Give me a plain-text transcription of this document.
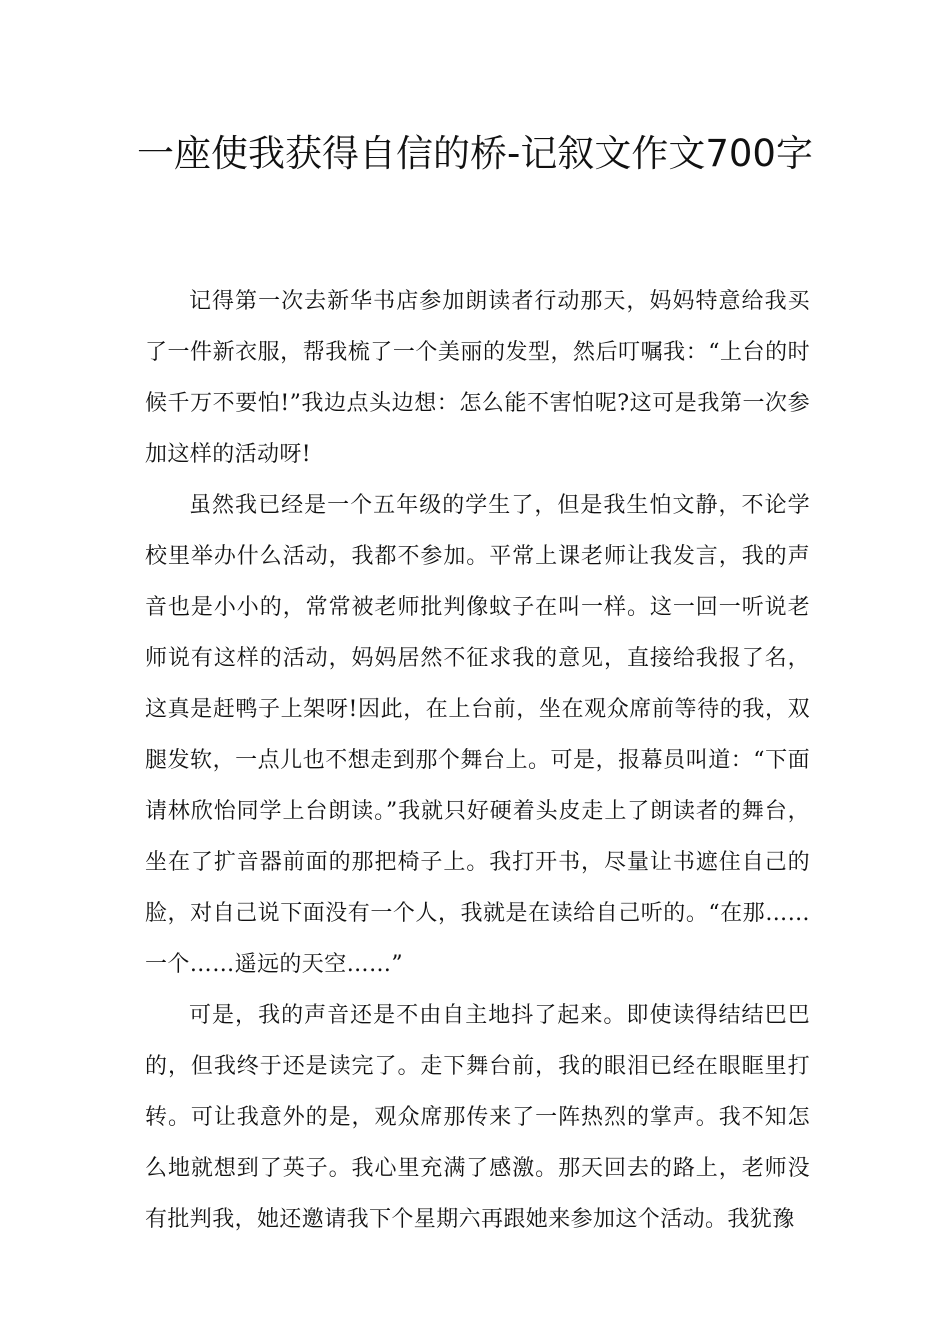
一座使我获得自信的桥-记叙文作文700字

记得第一次去新华书店参加朗读者行动那天，妈妈特意给我买了一件新衣服，帮我梳了一个美丽的发型，然后叮嘱我：“上台的时候千万不要怕!”我边点头边想：怎么能不害怕呢?这可是我第一次参加这样的活动呀!

虽然我已经是一个五年级的学生了，但是我生怕文静，不论学校里举办什么活动，我都不参加。平常上课老师让我发言，我的声音也是小小的，常常被老师批判像蚊子在叫一样。这一回一听说老师说有这样的活动，妈妈居然不征求我的意见，直接给我报了名，这真是赶鸭子上架呀!因此，在上台前，坐在观众席前等待的我，双腿发软，一点儿也不想走到那个舞台上。可是，报幕员叫道：“下面请林欣怡同学上台朗读。”我就只好硬着头皮走上了朗读者的舞台，坐在了扩音器前面的那把椅子上。我打开书，尽量让书遮住自己的脸，对自己说下面没有一个人，我就是在读给自己听的。“在那……一个……遥远的天空……”

可是，我的声音还是不由自主地抖了起来。即使读得结结巴巴的，但我终于还是读完了。走下舞台前，我的眼泪已经在眼眶里打转。可让我意外的是，观众席那传来了一阵热烈的掌声。我不知怎么地就想到了英子。我心里充满了感激。那天回去的路上，老师没有批判我，她还邀请我下个星期六再跟她来参加这个活动。我犹豫
